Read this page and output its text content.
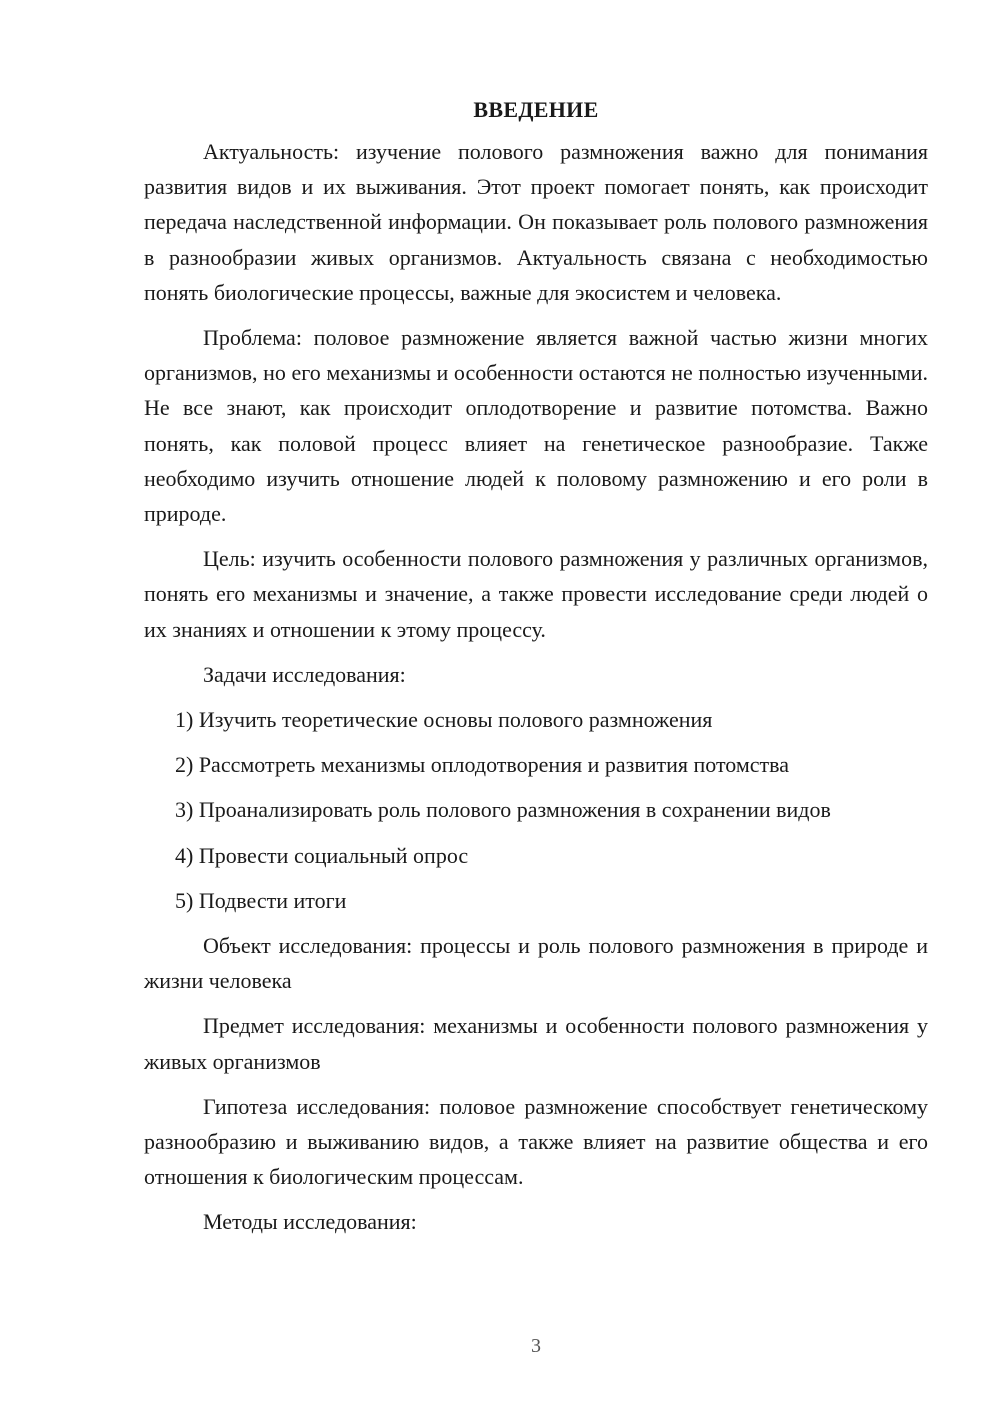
ВВЕДЕНИЕ

Актуальность: изучение полового размножения важно для понимания развития видов и их выживания. Этот проект помогает понять, как происходит передача наследственной информации. Он показывает роль полового размножения в разнообразии живых организмов. Актуальность связана с необходимостью понять биологические процессы, важные для экосистем и человека.

Проблема: половое размножение является важной частью жизни многих организмов, но его механизмы и особенности остаются не полностью изученными. Не все знают, как происходит оплодотворение и развитие потомства. Важно понять, как половой процесс влияет на генетическое разнообразие. Также необходимо изучить отношение людей к половому размножению и его роли в природе.

Цель: изучить особенности полового размножения у различных организмов, понять его механизмы и значение, а также провести исследование среди людей о их знаниях и отношении к этому процессу.

Задачи исследования:

1) Изучить теоретические основы полового размножения
2) Рассмотреть механизмы оплодотворения и развития потомства
3) Проанализировать роль полового размножения в сохранении видов
4) Провести социальный опрос
5) Подвести итоги

Объект исследования: процессы и роль полового размножения в природе и жизни человека

Предмет исследования: механизмы и особенности полового размножения у живых организмов

Гипотеза исследования: половое размножение способствует генетическому разнообразию и выживанию видов, а также влияет на развитие общества и его отношения к биологическим процессам.

Методы исследования:

3
